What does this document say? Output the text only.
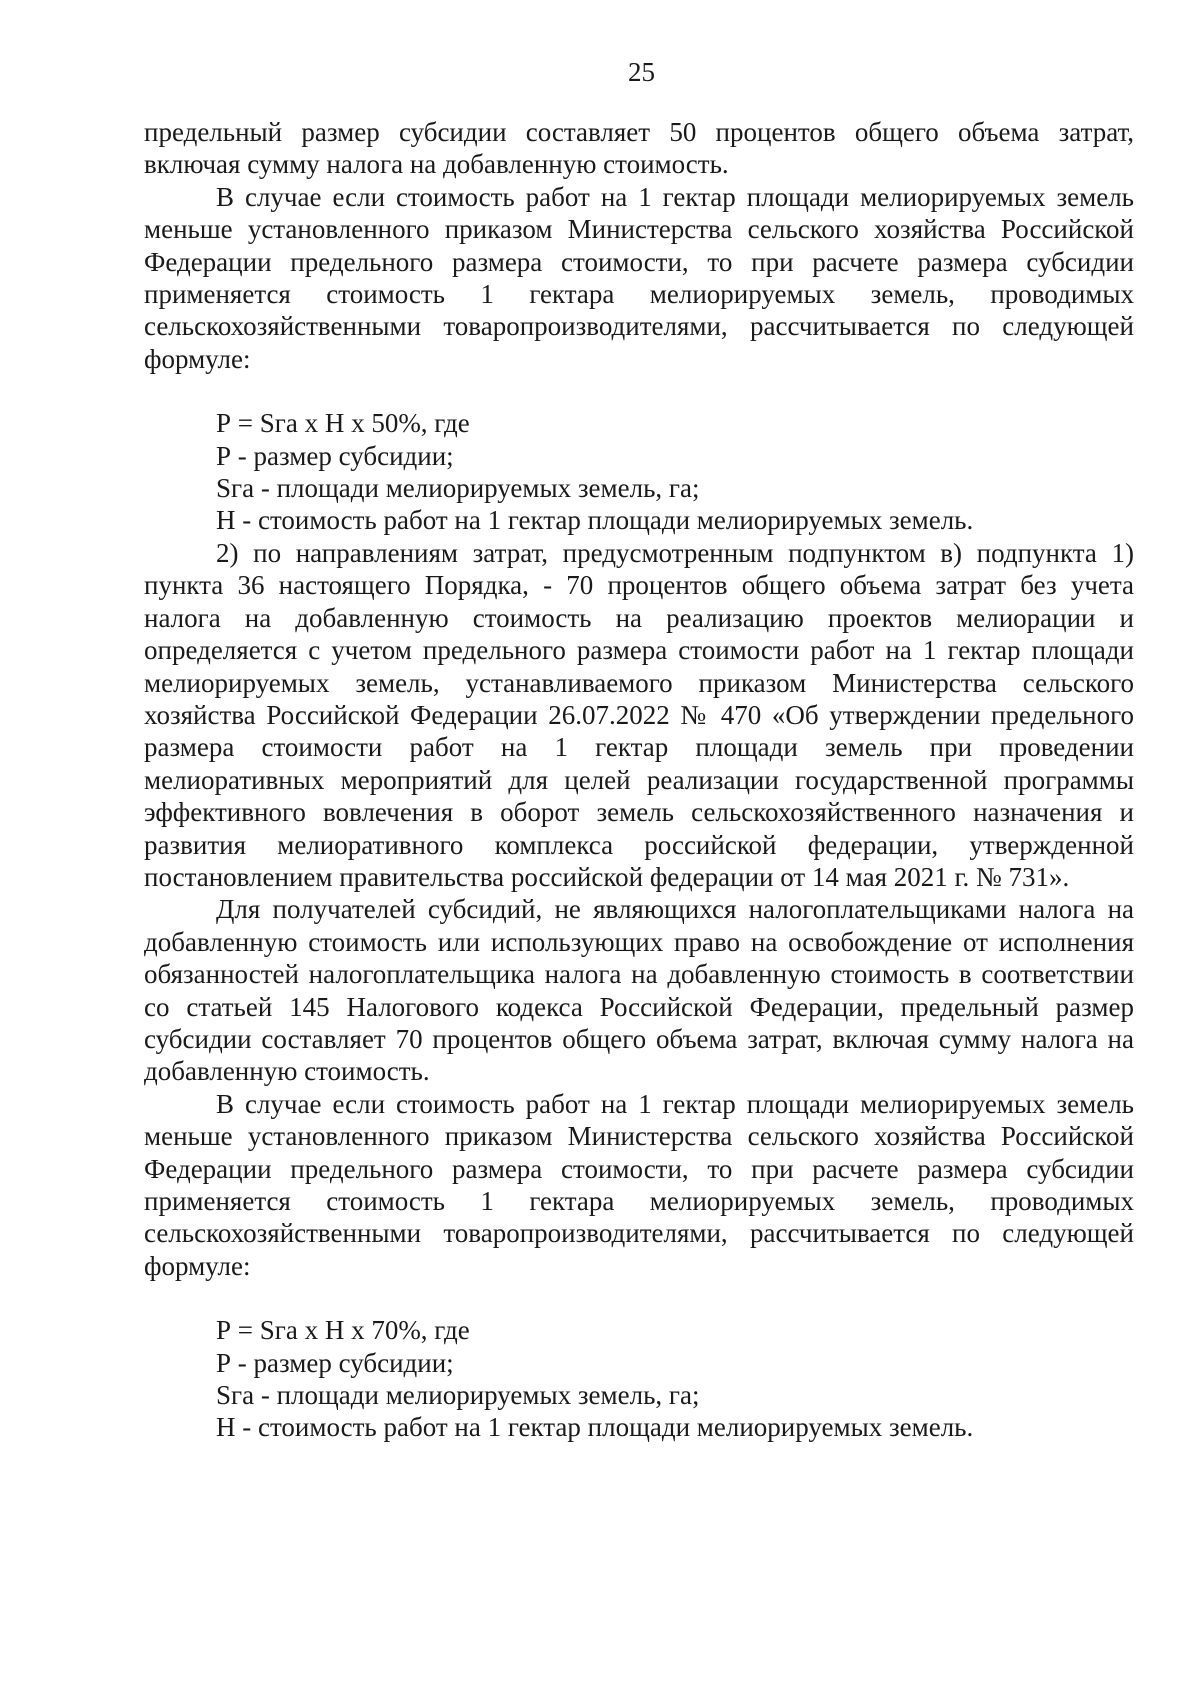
25

предельный размер субсидии составляет 50 процентов общего объема затрат, включая сумму налога на добавленную стоимость.

В случае если стоимость работ на 1 гектар площади мелиорируемых земель меньше установленного приказом Министерства сельского хозяйства Российской Федерации предельного размера стоимости, то при расчете размера субсидии применяется стоимость 1 гектара мелиорируемых земель, проводимых сельскохозяйственными товаропроизводителями, рассчитывается по следующей формуле:

Р = Sга х Н х 50%, где

Р - размер субсидии;

Sга - площади мелиорируемых земель, га;

Н - стоимость работ на 1 гектар площади мелиорируемых земель.

2) по направлениям затрат, предусмотренным подпунктом в) подпункта 1) пункта 36 настоящего Порядка, - 70 процентов общего объема затрат без учета налога на добавленную стоимость на реализацию проектов мелиорации и определяется с учетом предельного размера стоимости работ на 1 гектар площади мелиорируемых земель, устанавливаемого приказом Министерства сельского хозяйства Российской Федерации 26.07.2022 № 470 «Об утверждении предельного размера стоимости работ на 1 гектар площади земель при проведении мелиоративных мероприятий для целей реализации государственной программы эффективного вовлечения в оборот земель сельскохозяйственного назначения и развития мелиоративного комплекса российской федерации, утвержденной постановлением правительства российской федерации от 14 мая 2021 г. № 731».

Для получателей субсидий, не являющихся налогоплательщиками налога на добавленную стоимость или использующих право на освобождение от исполнения обязанностей налогоплательщика налога на добавленную стоимость в соответствии со статьей 145 Налогового кодекса Российской Федерации, предельный размер субсидии составляет 70 процентов общего объема затрат, включая сумму налога на добавленную стоимость.

В случае если стоимость работ на 1 гектар площади мелиорируемых земель меньше установленного приказом Министерства сельского хозяйства Российской Федерации предельного размера стоимости, то при расчете размера субсидии применяется стоимость 1 гектара мелиорируемых земель, проводимых сельскохозяйственными товаропроизводителями, рассчитывается по следующей формуле:

Р = Sга х Н х 70%, где

Р - размер субсидии;

Sга - площади мелиорируемых земель, га;

Н - стоимость работ на 1 гектар площади мелиорируемых земель.
